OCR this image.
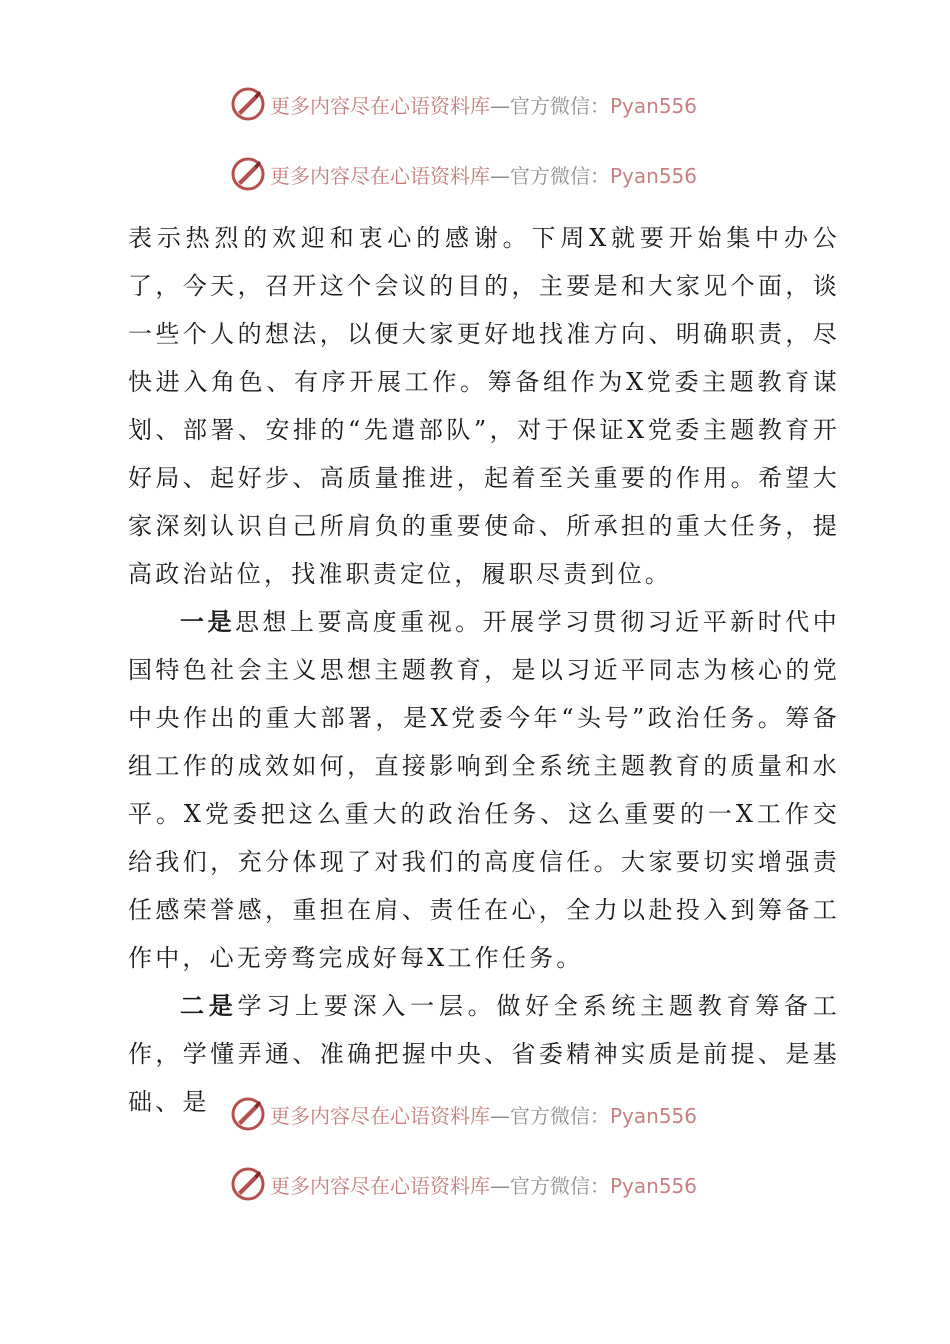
更多内容尽在心语资料库—官方微信：Pyan556
更多内容尽在心语资料库—官方微信：Pyan556

表示热烈的欢迎和衷心的感谢。下周X就要开始集中办公了，今天，召开这个会议的目的，主要是和大家见个面，谈一些个人的想法，以便大家更好地找准方向、明确职责，尽快进入角色、有序开展工作。筹备组作为X党委主题教育谋划、部署、安排的“先遣部队”，对于保证X党委主题教育开好局、起好步、高质量推进，起着至关重要的作用。希望大家深刻认识自己所肩负的重要使命、所承担的重大任务，提高政治站位，找准职责定位，履职尽责到位。

一是思想上要高度重视。开展学习贯彻习近平新时代中国特色社会主义思想主题教育，是以习近平同志为核心的党中央作出的重大部署，是X党委今年“头号”政治任务。筹备组工作的成效如何，直接影响到全系统主题教育的质量和水平。X党委把这么重大的政治任务、这么重要的一X工作交给我们，充分体现了对我们的高度信任。大家要切实增强责任感荣誉感，重担在肩、责任在心，全力以赴投入到筹备工作中，心无旁骛完成好每X工作任务。

二是学习上要深入一层。做好全系统主题教育筹备工作，学懂弄通、准确把握中央、省委精神实质是前提、是基础、是	更多内容尽在心语资料库—官方微信：Pyan556
更多内容尽在心语资料库—官方微信：Pyan556
